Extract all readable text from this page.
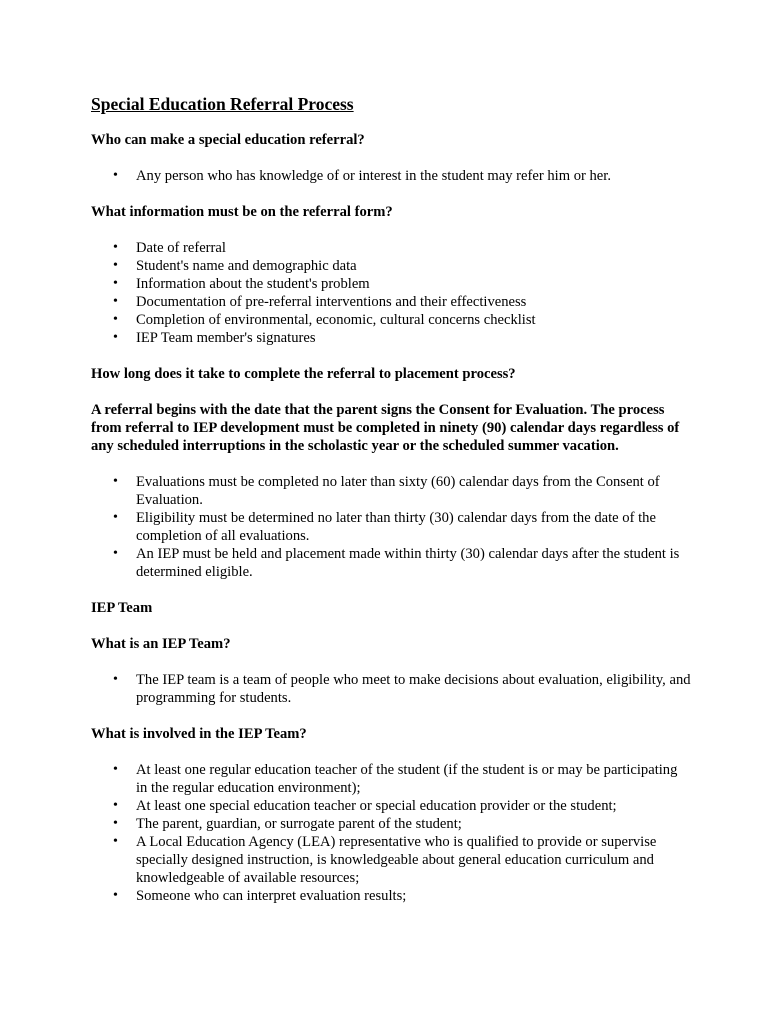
Special Education Referral Process
Who can make a special education referral?
• Any person who has knowledge of or interest in the student may refer him or her.
What information must be on the referral form?
• Date of referral
• Student's name and demographic data
• Information about the student's problem
• Documentation of pre-referral interventions and their effectiveness
• Completion of environmental, economic, cultural concerns checklist
• IEP Team member's signatures
How long does it take to complete the referral to placement process?
A referral begins with the date that the parent signs the Consent for Evaluation. The process from referral to IEP development must be completed in ninety (90) calendar days regardless of any scheduled interruptions in the scholastic year or the scheduled summer vacation.
• Evaluations must be completed no later than sixty (60) calendar days from the Consent of Evaluation.
• Eligibility must be determined no later than thirty (30) calendar days from the date of the completion of all evaluations.
• An IEP must be held and placement made within thirty (30) calendar days after the student is determined eligible.
IEP Team
What is an IEP Team?
• The IEP team is a team of people who meet to make decisions about evaluation, eligibility, and programming for students.
What is involved in the IEP Team?
• At least one regular education teacher of the student (if the student is or may be participating in the regular education environment);
• At least one special education teacher or special education provider or the student;
• The parent, guardian, or surrogate parent of the student;
• A Local Education Agency (LEA) representative who is qualified to provide or supervise specially designed instruction, is knowledgeable about general education curriculum and knowledgeable of available resources;
• Someone who can interpret evaluation results;
